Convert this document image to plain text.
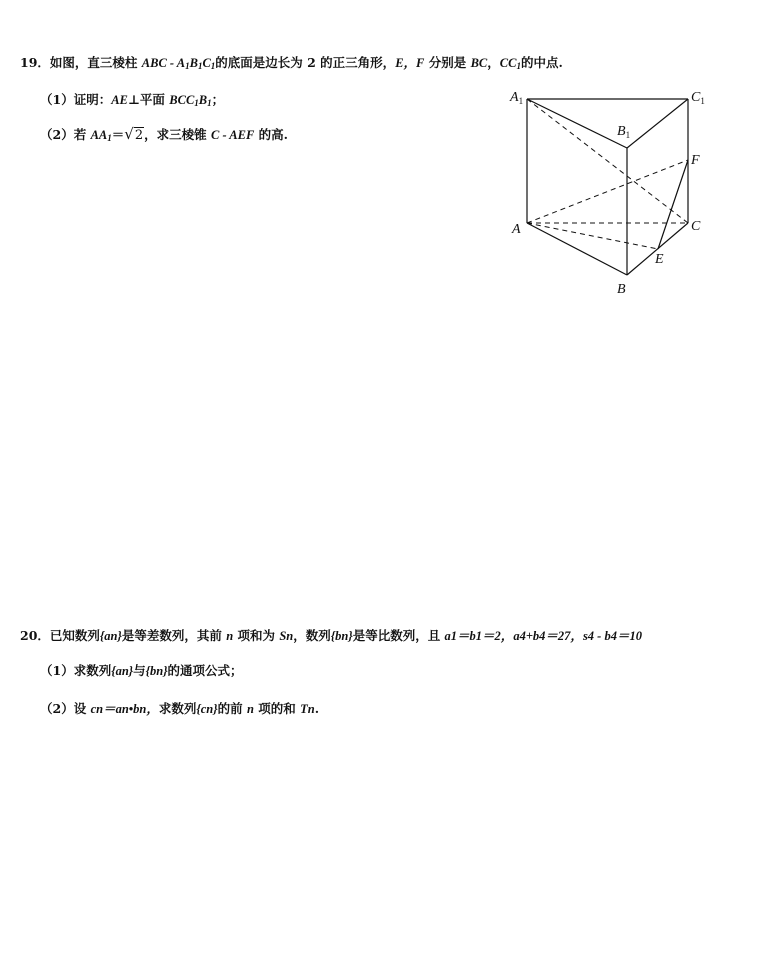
19．如图，直三棱柱 ABC - $A_1B_1C_1$的底面是边长为 2 的正三角形，E，F 分别是 BC，$CC_1$的中点.
（1）证明：AE⊥平面 $BCC_1B_1$；
（2）若 $AA_1=√2$，求三棱锥 C - AEF 的高.
$A_1$	$C_1$
$B_1$
F
C
A
E
B
20．已知数列{an}是等差数列，其前 n 项和为 Sn，数列{bn}是等比数列，且 a1＝b1＝2，a4+b4＝27，s4 - b4＝10
（1）求数列{an}与{bn}的通项公式；
（2）设 cn＝an•bn，求数列{cn}的前 n 项的和 Tn.
